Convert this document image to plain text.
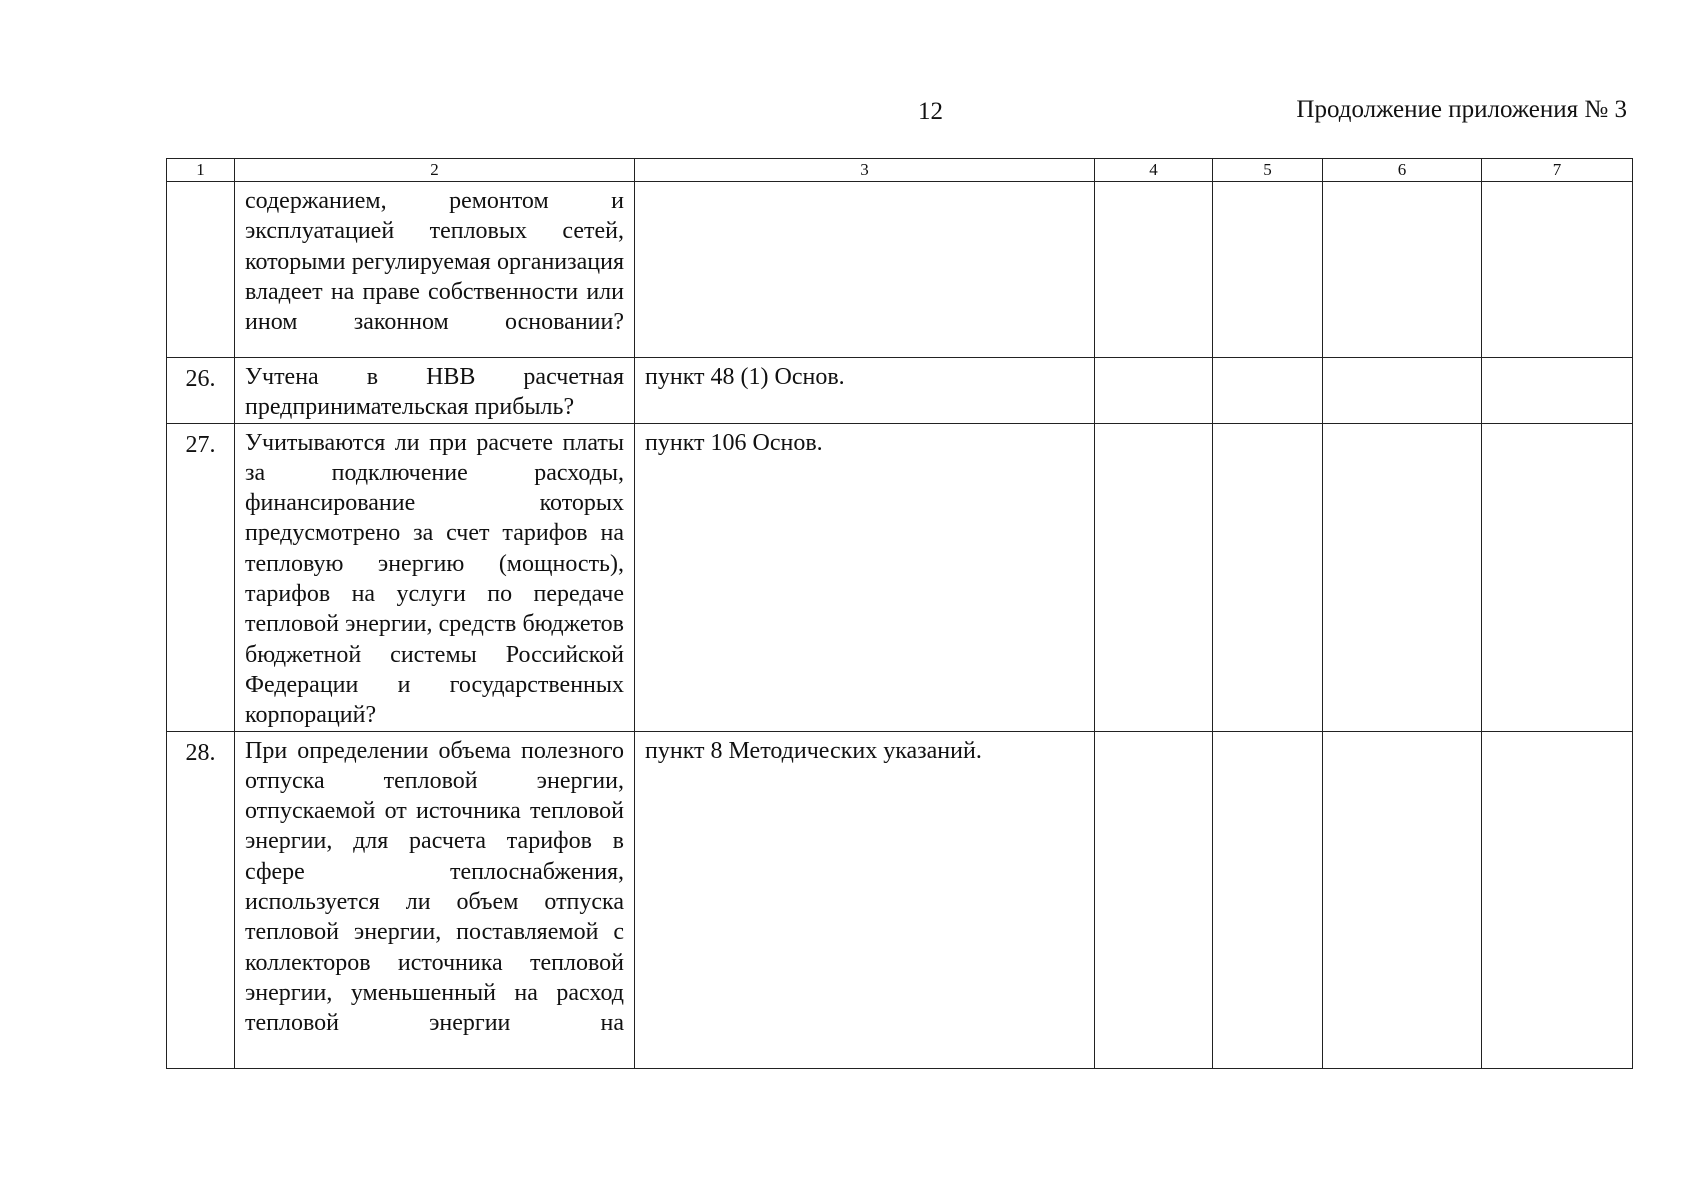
12	Продолжение приложения № 3
1	2	3	4	5	6	7
	содержанием, ремонтом и эксплуатацией тепловых сетей, которыми регулируемая организация владеет на праве собственности или ином законном основании?					
26.	Учтена в НВВ расчетная предпринимательская прибыль?	пункт 48 (1) Основ.				
27.	Учитываются ли при расчете платы за подключение расходы, финансирование которых предусмотрено за счет тарифов на тепловую энергию (мощность), тарифов на услуги по передаче тепловой энергии, средств бюджетов бюджетной системы Российской Федерации и государственных корпораций?	пункт 106 Основ.				
28.	При определении объема полезного отпуска тепловой энергии, отпускаемой от источника тепловой энергии, для расчета тарифов в сфере теплоснабжения, используется ли объем отпуска тепловой энергии, поставляемой с коллекторов источника тепловой энергии, уменьшенный на расход тепловой энергии на	пункт 8 Методических указаний.				
